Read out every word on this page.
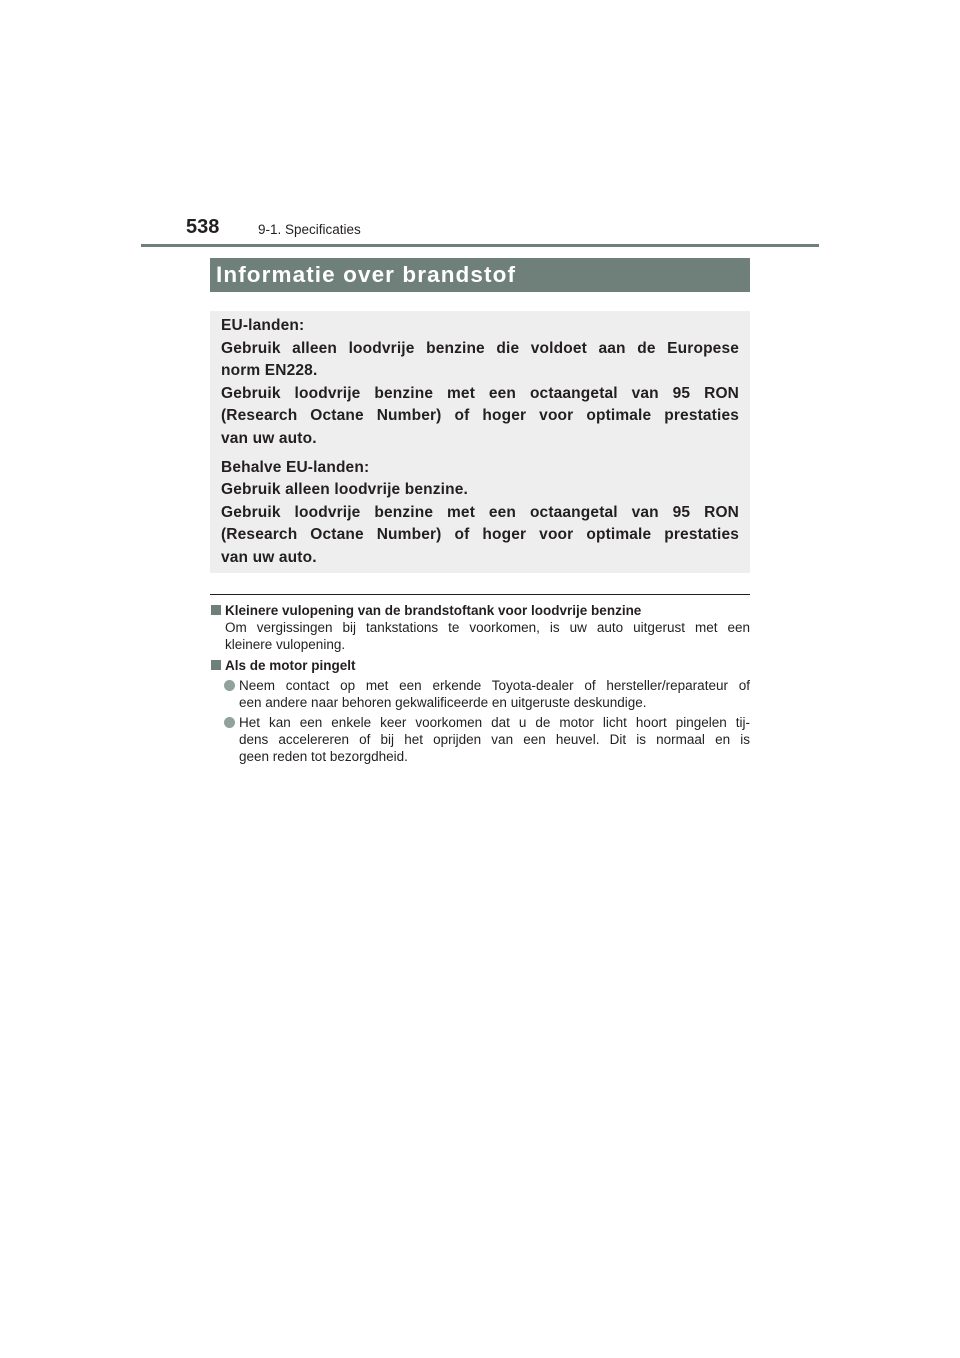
538	9-1. Specificaties
Informatie over brandstof
EU-landen:
Gebruik alleen loodvrije benzine die voldoet aan de Europese
norm EN228.
Gebruik loodvrije benzine met een octaangetal van 95 RON
(Research Octane Number) of hoger voor optimale prestaties
van uw auto.
Behalve EU-landen:
Gebruik alleen loodvrije benzine.
Gebruik loodvrije benzine met een octaangetal van 95 RON
(Research Octane Number) of hoger voor optimale prestaties
van uw auto.
Kleinere vulopening van de brandstoftank voor loodvrije benzine
Om vergissingen bij tankstations te voorkomen, is uw auto uitgerust met een
kleinere vulopening.
Als de motor pingelt
Neem contact op met een erkende Toyota-dealer of hersteller/reparateur of
een andere naar behoren gekwalificeerde en uitgeruste deskundige.
Het kan een enkele keer voorkomen dat u de motor licht hoort pingelen tij-
dens accelereren of bij het oprijden van een heuvel. Dit is normaal en is
geen reden tot bezorgdheid.
